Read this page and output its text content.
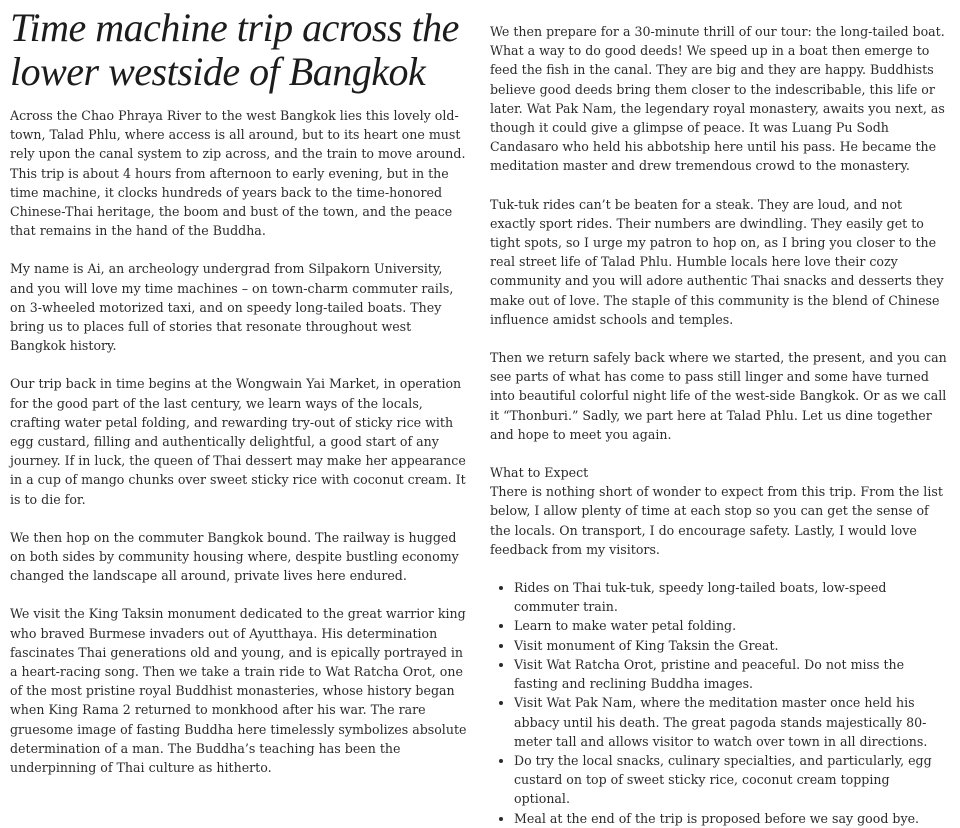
Time machine trip across the lower westside of Bangkok

Across the Chao Phraya River to the west Bangkok lies this lovely old-town, Talad Phlu, where access is all around, but to its heart one must rely upon the canal system to zip across, and the train to move around. This trip is about 4 hours from afternoon to early evening, but in the time machine, it clocks hundreds of years back to the time-honored Chinese-Thai heritage, the boom and bust of the town, and the peace that remains in the hand of the Buddha.

My name is Ai, an archeology undergrad from Silpakorn University, and you will love my time machines – on town-charm commuter rails, on 3-wheeled motorized taxi, and on speedy long-tailed boats. They bring us to places full of stories that resonate throughout west Bangkok history.

Our trip back in time begins at the Wongwain Yai Market, in operation for the good part of the last century, we learn ways of the locals, crafting water petal folding, and rewarding try-out of sticky rice with egg custard, filling and authentically delightful, a good start of any journey. If in luck, the queen of Thai dessert may make her appearance in a cup of mango chunks over sweet sticky rice with coconut cream. It is to die for.

We then hop on the commuter Bangkok bound. The railway is hugged on both sides by community housing where, despite bustling economy changed the landscape all around, private lives here endured.

We visit the King Taksin monument dedicated to the great warrior king who braved Burmese invaders out of Ayutthaya. His determination fascinates Thai generations old and young, and is epically portrayed in a heart-racing song. Then we take a train ride to Wat Ratcha Orot, one of the most pristine royal Buddhist monasteries, whose history began when King Rama 2 returned to monkhood after his war. The rare gruesome image of fasting Buddha here timelessly symbolizes absolute determination of a man. The Buddha’s teaching has been the underpinning of Thai culture as hitherto.

We then prepare for a 30-minute thrill of our tour: the long-tailed boat. What a way to do good deeds! We speed up in a boat then emerge to feed the fish in the canal. They are big and they are happy. Buddhists believe good deeds bring them closer to the indescribable, this life or later. Wat Pak Nam, the legendary royal monastery, awaits you next, as though it could give a glimpse of peace. It was Luang Pu Sodh Candasaro who held his abbotship here until his pass. He became the meditation master and drew tremendous crowd to the monastery.

Tuk-tuk rides can’t be beaten for a steak. They are loud, and not exactly sport rides. Their numbers are dwindling. They easily get to tight spots, so I urge my patron to hop on, as I bring you closer to the real street life of Talad Phlu. Humble locals here love their cozy community and you will adore authentic Thai snacks and desserts they make out of love. The staple of this community is the blend of Chinese influence amidst schools and temples.

Then we return safely back where we started, the present, and you can see parts of what has come to pass still linger and some have turned into beautiful colorful night life of the west-side Bangkok. Or as we call it “Thonburi.” Sadly, we part here at Talad Phlu. Let us dine together and hope to meet you again.

What to Expect

There is nothing short of wonder to expect from this trip. From the list below, I allow plenty of time at each stop so you can get the sense of the locals. On transport, I do encourage safety. Lastly, I would love feedback from my visitors.

• Rides on Thai tuk-tuk, speedy long-tailed boats, low-speed commuter train.
• Learn to make water petal folding.
• Visit monument of King Taksin the Great.
• Visit Wat Ratcha Orot, pristine and peaceful. Do not miss the fasting and reclining Buddha images.
• Visit Wat Pak Nam, where the meditation master once held his abbacy until his death. The great pagoda stands majestically 80-meter tall and allows visitor to watch over town in all directions.
• Do try the local snacks, culinary specialties, and particularly, egg custard on top of sweet sticky rice, coconut cream topping optional.
• Meal at the end of the trip is proposed before we say good bye.
